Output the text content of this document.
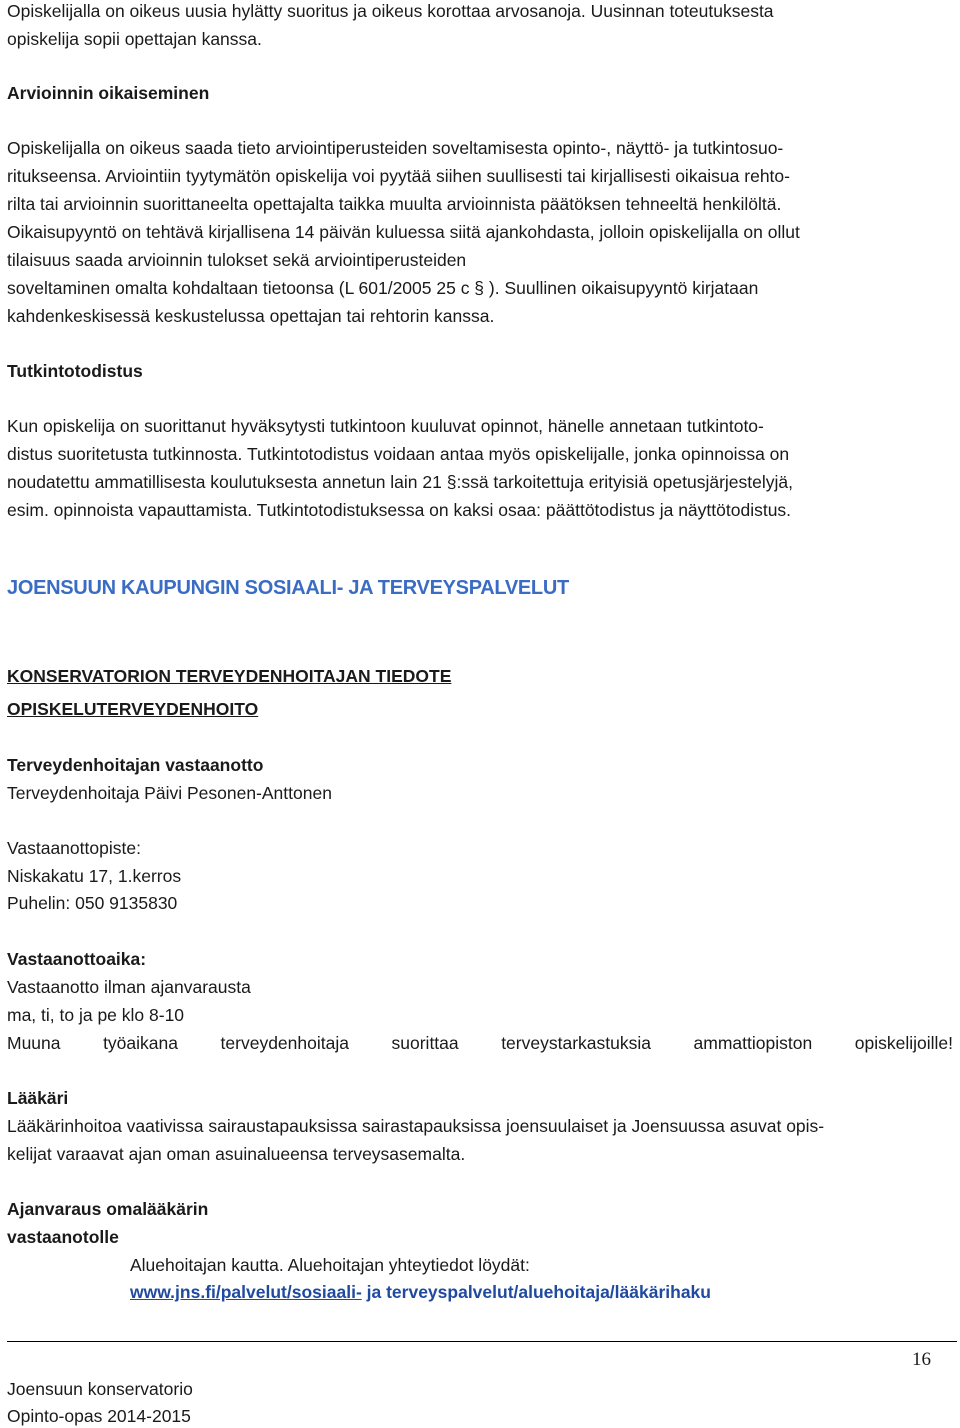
Opiskelijalla on oikeus uusia hylätty suoritus ja oikeus korottaa arvosanoja. Uusinnan toteutuksesta
opiskelija sopii opettajan kanssa.
Arvioinnin oikaiseminen
Opiskelijalla on oikeus saada tieto arviointiperusteiden soveltamisesta opinto-, näyttö- ja tutkintosuo-
ritukseensa. Arviointiin tyytymätön opiskelija voi pyytää siihen suullisesti tai kirjallisesti oikaisua rehto-
rilta tai arvioinnin suorittaneelta opettajalta taikka muulta arvioinnista päätöksen tehneeltä henkilöltä.
Oikaisupyyntö on tehtävä kirjallisena 14 päivän kuluessa siitä ajankohdasta, jolloin opiskelijalla on ollut
tilaisuus saada arvioinnin tulokset sekä arviointiperusteiden
soveltaminen omalta kohdaltaan tietoonsa (L 601/2005 25 c § ). Suullinen oikaisupyyntö kirjataan
kahdenkeskisessä keskustelussa opettajan tai rehtorin kanssa.
Tutkintotodistus
Kun opiskelija on suorittanut hyväksytysti tutkintoon kuuluvat opinnot, hänelle annetaan tutkintoto-
distus suoritetusta tutkinnosta. Tutkintotodistus voidaan antaa myös opiskelijalle, jonka opinnoissa on
noudatettu ammatillisesta koulutuksesta annetun lain 21 §:ssä tarkoitettuja erityisiä opetusjärjestelyjä,
esim. opinnoista vapauttamista. Tutkintotodistuksessa on kaksi osaa: päättötodistus ja näyttötodistus.
JOENSUUN KAUPUNGIN SOSIAALI- JA TERVEYSPALVELUT
KONSERVATORION TERVEYDENHOITAJAN TIEDOTE
OPISKELUTERVEYDENHOITO
Terveydenhoitajan vastaanotto
Terveydenhoitaja Päivi Pesonen-Anttonen
Vastaanottopiste:
Niskakatu 17, 1.kerros
Puhelin: 050 9135830
Vastaanottoaika:
Vastaanotto ilman ajanvarausta
ma, ti, to ja pe klo 8-10
Muuna työaikana terveydenhoitaja suorittaa terveystarkastuksia ammattiopiston opiskelijoille!
Lääkäri
Lääkärinhoitoa vaativissa sairaustapauksissa sairastapauksissa joensuulaiset ja Joensuussa asuvat opis-
kelijat varaavat ajan oman asuinalueensa terveysasemalta.
Ajanvaraus omalääkärin
vastaanotolle
Aluehoitajan kautta. Aluehoitajan yhteytiedot löydät:
www.jns.fi/palvelut/sosiaali- ja terveyspalvelut/aluehoitaja/lääkärihaku
16
Joensuun konservatorio
Opinto-opas 2014-2015
